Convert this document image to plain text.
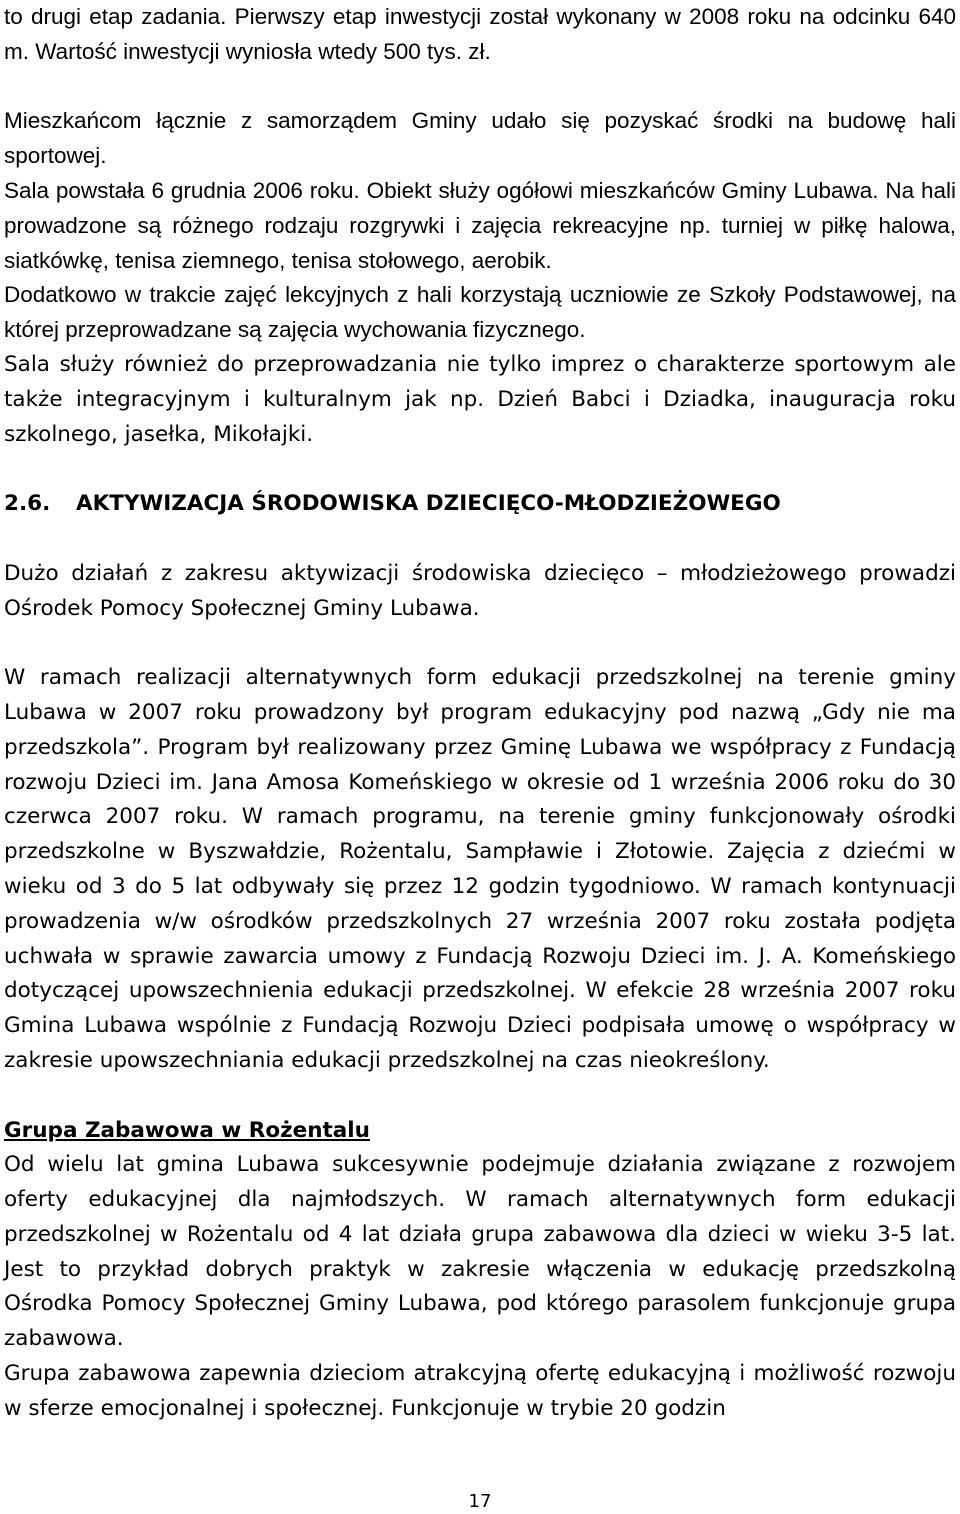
to drugi etap zadania. Pierwszy etap inwestycji został wykonany w 2008 roku na odcinku 640 m. Wartość inwestycji wyniosła wtedy 500 tys. zł.

Mieszkańcom łącznie z samorządem Gminy udało się pozyskać środki na budowę hali sportowej.

Sala powstała 6 grudnia 2006 roku. Obiekt służy ogółowi mieszkańców Gminy Lubawa. Na hali prowadzone są różnego rodzaju rozgrywki i zajęcia rekreacyjne np. turniej w piłkę halowa, siatkówkę, tenisa ziemnego, tenisa stołowego, aerobik.

Dodatkowo w trakcie zajęć lekcyjnych z hali korzystają uczniowie ze Szkoły Podstawowej, na której przeprowadzane są zajęcia wychowania fizycznego.

Sala służy również do przeprowadzania nie tylko imprez o charakterze sportowym ale także integracyjnym i kulturalnym jak np. Dzień Babci i Dziadka, inauguracja roku szkolnego, jasełka, Mikołajki.

2.6. AKTYWIZACJA ŚRODOWISKA DZIECIĘCO-MŁODZIEŻOWEGO

Dużo działań z zakresu aktywizacji środowiska dziecięco – młodzieżowego prowadzi Ośrodek Pomocy Społecznej Gminy Lubawa.

W ramach realizacji alternatywnych form edukacji przedszkolnej na terenie gminy Lubawa w 2007 roku prowadzony był program edukacyjny pod nazwą „Gdy nie ma przedszkola”. Program był realizowany przez Gminę Lubawa we współpracy z Fundacją rozwoju Dzieci im. Jana Amosa Komeńskiego w okresie od 1 września 2006 roku do 30 czerwca 2007 roku. W ramach programu, na terenie gminy funkcjonowały ośrodki przedszkolne w Byszwałdzie, Rożentalu, Sampławie i Złotowie. Zajęcia z dziećmi w wieku od 3 do 5 lat odbywały się przez 12 godzin tygodniowo. W ramach kontynuacji prowadzenia w/w ośrodków przedszkolnych 27 września 2007 roku została podjęta uchwała w sprawie zawarcia umowy z Fundacją Rozwoju Dzieci im. J. A. Komeńskiego dotyczącej upowszechnienia edukacji przedszkolnej. W efekcie 28 września 2007 roku Gmina Lubawa wspólnie z Fundacją Rozwoju Dzieci podpisała umowę o współpracy w zakresie upowszechniania edukacji przedszkolnej na czas nieokreślony.

Grupa Zabawowa w Rożentalu

Od wielu lat gmina Lubawa sukcesywnie podejmuje działania związane z rozwojem oferty edukacyjnej dla najmłodszych. W ramach alternatywnych form edukacji przedszkolnej w Rożentalu od 4 lat działa grupa zabawowa dla dzieci w wieku 3-5 lat. Jest to przykład dobrych praktyk w zakresie włączenia w edukację przedszkolną Ośrodka Pomocy Społecznej Gminy Lubawa, pod którego parasolem funkcjonuje grupa zabawowa.

Grupa zabawowa zapewnia dzieciom atrakcyjną ofertę edukacyjną i możliwość rozwoju w sferze emocjonalnej i społecznej. Funkcjonuje w trybie 20 godzin

17
